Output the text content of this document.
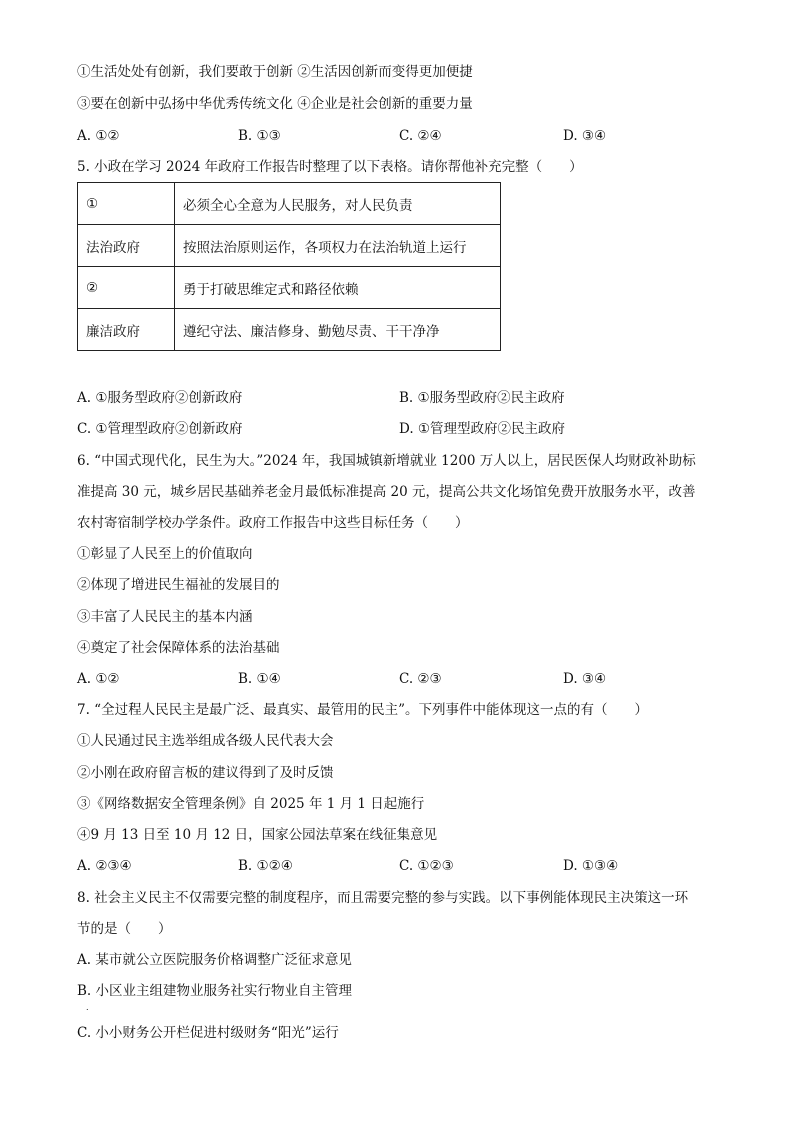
①生活处处有创新，我们要敢于创新 ②生活因创新而变得更加便捷
③要在创新中弘扬中华优秀传统文化 ④企业是社会创新的重要力量
A. ①②	B. ①③	C. ②④	D. ③④
5. 小政在学习 2024 年政府工作报告时整理了以下表格。请你帮他补充完整（　　）
①	必须全心全意为人民服务，对人民负责
法治政府	按照法治原则运作，各项权力在法治轨道上运行
②	勇于打破思维定式和路径依赖
廉洁政府	遵纪守法、廉洁修身、勤勉尽责、干干净净
A. ①服务型政府②创新政府	B. ①服务型政府②民主政府
C. ①管理型政府②创新政府	D. ①管理型政府②民主政府
6. “中国式现代化，民生为大。”2024 年，我国城镇新增就业 1200 万人以上，居民医保人均财政补助标
准提高 30 元，城乡居民基础养老金月最低标准提高 20 元，提高公共文化场馆免费开放服务水平，改善
农村寄宿制学校办学条件。政府工作报告中这些目标任务（　　）
①彰显了人民至上的价值取向
②体现了增进民生福祉的发展目的
③丰富了人民民主的基本内涵
④奠定了社会保障体系的法治基础
A. ①②	B. ①④	C. ②③	D. ③④
7. “全过程人民民主是最广泛、最真实、最管用的民主”。下列事件中能体现这一点的有（　　）
①人民通过民主选举组成各级人民代表大会
②小刚在政府留言板的建议得到了及时反馈
③《网络数据安全管理条例》自 2025 年 1 月 1 日起施行
④9 月 13 日至 10 月 12 日，国家公园法草案在线征集意见
A. ②③④	B. ①②④	C. ①②③	D. ①③④
8. 社会主义民主不仅需要完整的制度程序，而且需要完整的参与实践。以下事例能体现民主决策这一环
节的是（　　）
A. 某市就公立医院服务价格调整广泛征求意见
B. 小区业主组建物业服务社实行物业自主管理
.
C. 小小财务公开栏促进村级财务“阳光”运行
